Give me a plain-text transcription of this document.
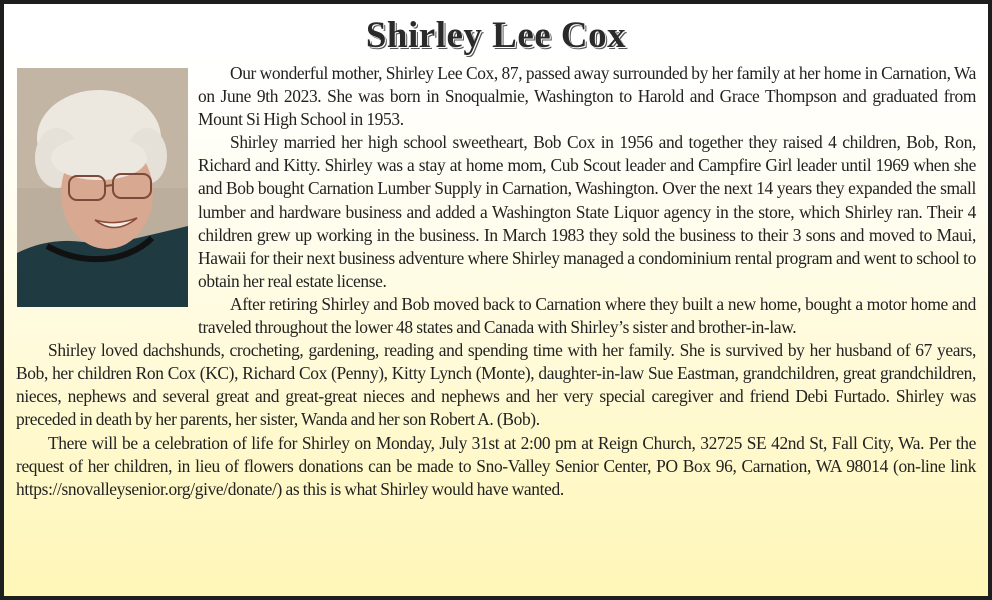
Shirley Lee Cox

Our wonderful mother, Shirley Lee Cox, 87, passed away surrounded by her family at her home in Carnation, Wa on June 9th 2023. She was born in Snoqualmie, Washington to Harold and Grace Thompson and graduated from Mount Si High School in 1953.

Shirley married her high school sweetheart, Bob Cox in 1956 and together they raised 4 children, Bob, Ron, Richard and Kitty. Shirley was a stay at home mom, Cub Scout leader and Campfire Girl leader until 1969 when she and Bob bought Carnation Lumber Supply in Carnation, Washington. Over the next 14 years they expanded the small lumber and hardware business and added a Washington State Liquor agency in the store, which Shirley ran. Their 4 children grew up working in the business. In March 1983 they sold the business to their 3 sons and moved to Maui, Hawaii for their next business adventure where Shirley managed a condominium rental program and went to school to obtain her real estate license.

After retiring Shirley and Bob moved back to Carnation where they built a new home, bought a motor home and traveled throughout the lower 48 states and Canada with Shirley’s sister and brother-in-law.

Shirley loved dachshunds, crocheting, gardening, reading and spending time with her family. She is survived by her husband of 67 years, Bob, her children Ron Cox (KC), Richard Cox (Penny), Kitty Lynch (Monte), daughter-in-law Sue Eastman, grandchildren, great grandchildren, nieces, nephews and several great and great-great nieces and nephews and her very special caregiver and friend Debi Furtado. Shirley was preceded in death by her parents, her sister, Wanda and her son Robert A. (Bob).

There will be a celebration of life for Shirley on Monday, July 31st at 2:00 pm at Reign Church, 32725 SE 42nd St, Fall City, Wa. Per the request of her children, in lieu of flowers donations can be made to Sno-Valley Senior Center, PO Box 96, Carnation, WA 98014 (on-line link https://snovalleysenior.org/give/donate/) as this is what Shirley would have wanted.
